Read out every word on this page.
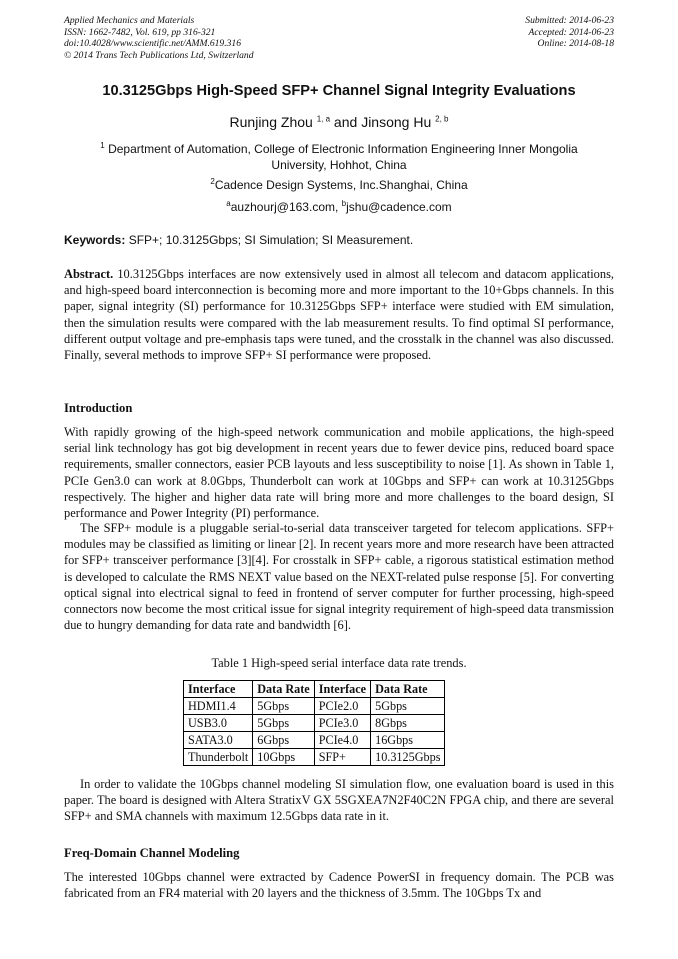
Applied Mechanics and Materials
ISSN: 1662-7482, Vol. 619, pp 316-321
doi:10.4028/www.scientific.net/AMM.619.316
© 2014 Trans Tech Publications Ltd, Switzerland
Submitted: 2014-06-23
Accepted: 2014-06-23
Online: 2014-08-18
10.3125Gbps High-Speed SFP+ Channel Signal Integrity Evaluations
Runjing Zhou $^{1, a}$ and Jinsong Hu $^{2, b}$
$^1$ Department of Automation, College of Electronic Information Engineering Inner Mongolia University, Hohhot, China
$^2$Cadence Design Systems, Inc.Shanghai, China
$^a$auzhourj@163.com, $^b$jshu@cadence.com
Keywords: SFP+; 10.3125Gbps; SI Simulation; SI Measurement.

Abstract. 10.3125Gbps interfaces are now extensively used in almost all telecom and datacom applications, and high-speed board interconnection is becoming more and more important to the 10+Gbps channels. In this paper, signal integrity (SI) performance for 10.3125Gbps SFP+ interface were studied with EM simulation, then the simulation results were compared with the lab measurement results. To find optimal SI performance, different output voltage and pre-emphasis taps were tuned, and the crosstalk in the channel was also discussed. Finally, several methods to improve SFP+ SI performance were proposed.

Introduction

With rapidly growing of the high-speed network communication and mobile applications, the high-speed serial link technology has got big development in recent years due to fewer device pins, reduced board space requirements, smaller connectors, easier PCB layouts and less susceptibility to noise [1]. As shown in Table 1, PCIe Gen3.0 can work at 8.0Gbps, Thunderbolt can work at 10Gbps and SFP+ can work at 10.3125Gbps respectively. The higher and higher data rate will bring more and more challenges to the board design, SI performance and Power Integrity (PI) performance.

The SFP+ module is a pluggable serial-to-serial data transceiver targeted for telecom applications. SFP+ modules may be classified as limiting or linear [2]. In recent years more and more research have been attracted for SFP+ transceiver performance [3][4]. For crosstalk in SFP+ cable, a rigorous statistical estimation method is developed to calculate the RMS NEXT value based on the NEXT-related pulse response [5]. For converting optical signal into electrical signal to feed in frontend of server computer for further processing, high-speed connectors now become the most critical issue for signal integrity requirement of high-speed data transmission due to hungry demanding for data rate and bandwidth [6].

Table 1 High-speed serial interface data rate trends.
Interface	Data Rate	Interface	Data Rate
HDMI1.4	5Gbps	PCIe2.0	5Gbps
USB3.0	5Gbps	PCIe3.0	8Gbps
SATA3.0	6Gbps	PCIe4.0	16Gbps
Thunderbolt	10Gbps	SFP+	10.3125Gbps

In order to validate the 10Gbps channel modeling SI simulation flow, one evaluation board is used in this paper. The board is designed with Altera StratixV GX 5SGXEA7N2F40C2N FPGA chip, and there are several SFP+ and SMA channels with maximum 12.5Gbps data rate in it.

Freq-Domain Channel Modeling

The interested 10Gbps channel were extracted by Cadence PowerSI in frequency domain. The PCB was fabricated from an FR4 material with 20 layers and the thickness of 3.5mm. The 10Gbps Tx and
